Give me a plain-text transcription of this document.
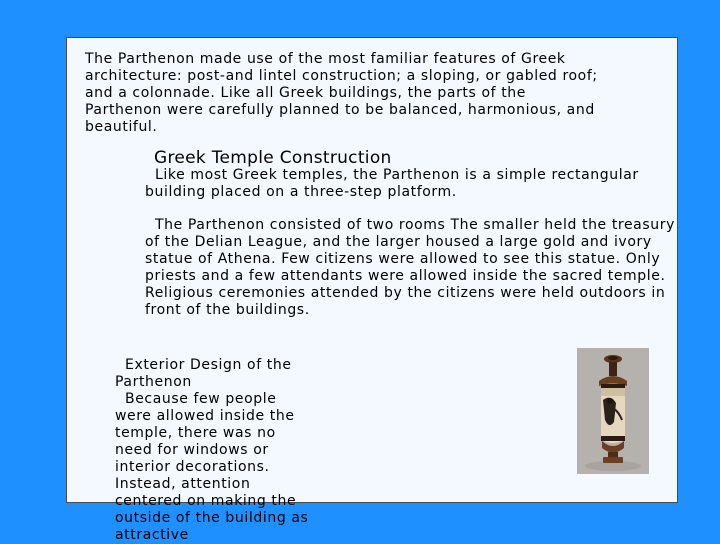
The Parthenon made use of the most familiar features of Greek architecture: post-and lintel construction; a sloping, or gabled roof; and a colonnade. Like all Greek buildings, the parts of the Parthenon were carefully planned to be balanced, harmonious, and beautiful.

Greek Temple Construction

Like most Greek temples, the Parthenon is a simple rectangular building placed on a three-step platform.

The Parthenon consisted of two rooms The smaller held the treasury of the Delian League, and the larger housed a large gold and ivory statue of Athena. Few citizens were allowed to see this statue. Only priests and a few attendants were allowed inside the sacred temple. Religious ceremonies attended by the citizens were held outdoors in front of the buildings.

Exterior Design of the Parthenon

Because few people were allowed inside the temple, there was no need for windows or interior decorations. Instead, attention centered on making the outside of the building as attractive
